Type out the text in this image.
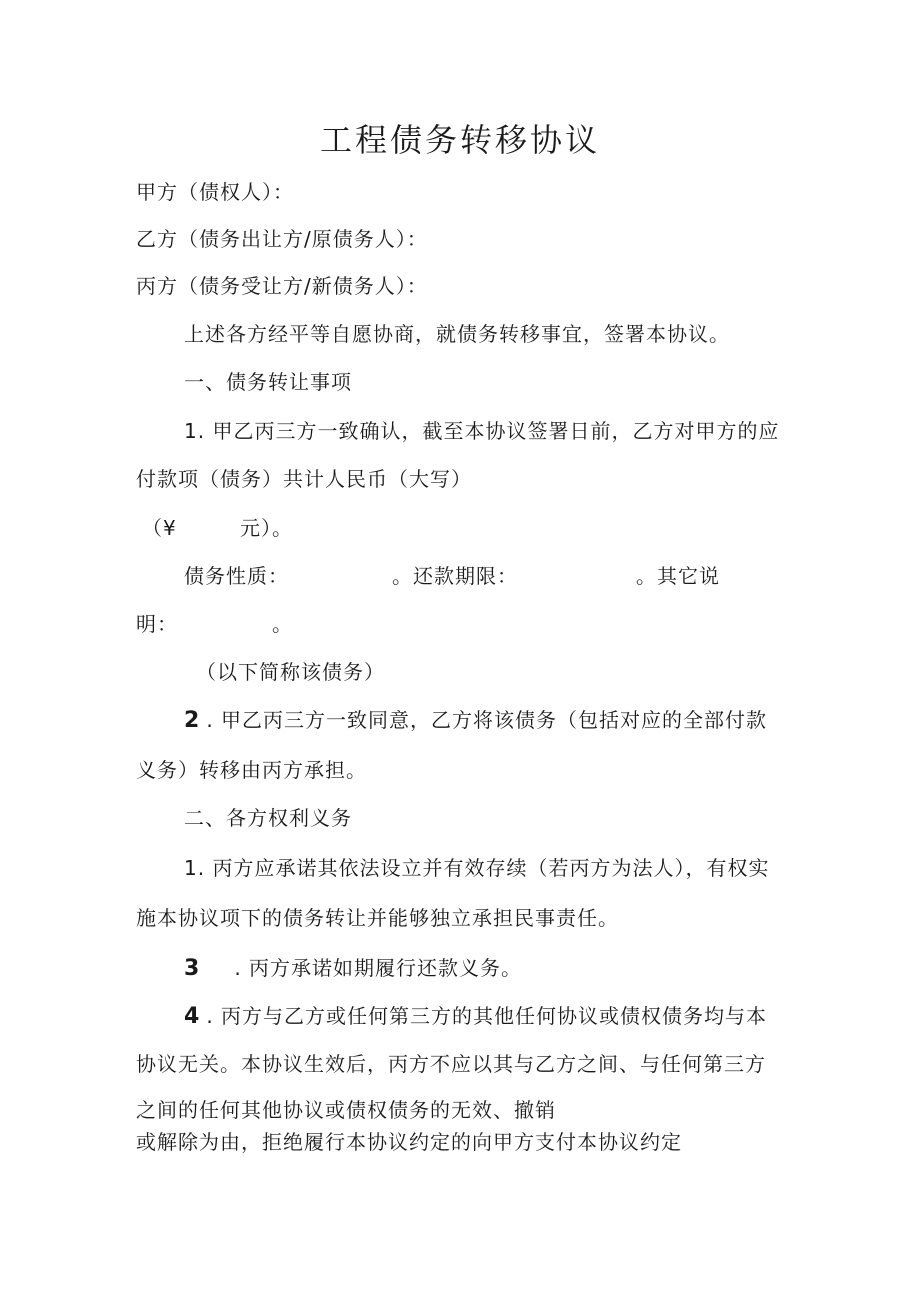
工程债务转移协议
甲方（债权人）：
乙方（债务出让方/原债务人）：
丙方（债务受让方/新债务人）：
上述各方经平等自愿协商，就债务转移事宜，签署本协议。
一、债务转让事项
1. 甲乙丙三方一致确认，截至本协议签署日前，乙方对甲方的应
付款项（债务）共计人民币（大写）
（¥	元）。
债务性质：	。还款期限：	。其它说
明：	。
（以下简称该债务）
2 . 甲乙丙三方一致同意，乙方将该债务（包括对应的全部付款
义务）转移由丙方承担。
二、各方权利义务
1. 丙方应承诺其依法设立并有效存续（若丙方为法人），有权实
施本协议项下的债务转让并能够独立承担民事责任。
3 . 丙方承诺如期履行还款义务。
4 . 丙方与乙方或任何第三方的其他任何协议或债权债务均与本
协议无关。本协议生效后，丙方不应以其与乙方之间、与任何第三方
之间的任何其他协议或债权债务的无效、撤销
或解除为由，拒绝履行本协议约定的向甲方支付本协议约定
